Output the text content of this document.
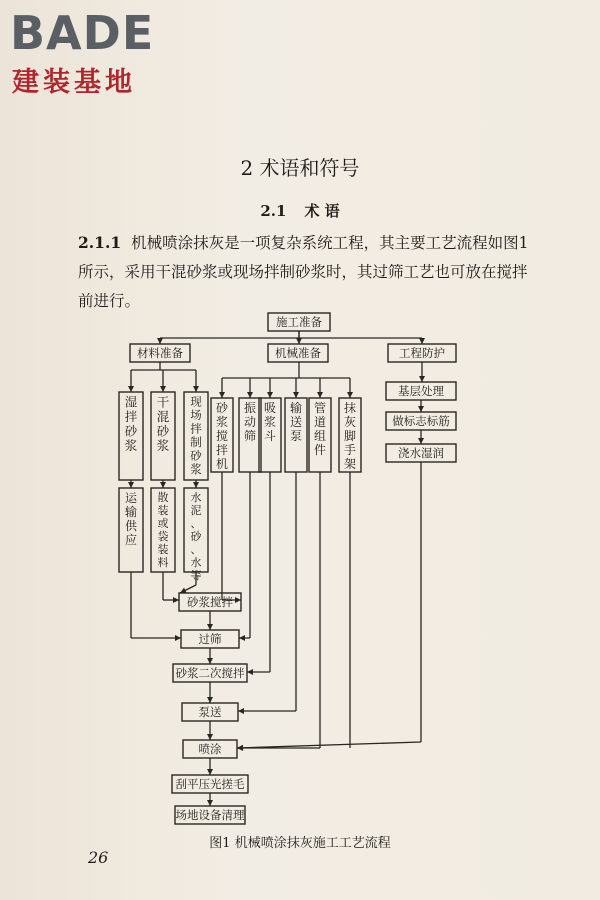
BADE
建装基地
2 术语和符号
2.1 术 语

2.1.1 机械喷涂抹灰是一项复杂系统工程，其主要工艺流程如图1所示，采用干混砂浆或现场拌制砂浆时，其过筛工艺也可放在搅拌前进行。

施工准备
材料准备	机械准备	工程防护
湿拌砂浆
运输供应
干混砂浆
散装或袋装料
现场拌制砂浆
水泥、砂、水等
砂浆搅拌机
振动筛
吸浆斗
输送泵
管道组件
抹灰脚手架
基层处理
做标志标筋
浇水湿润
砂浆搅拌
过筛
砂浆二次搅拌
泵送
喷涂
刮平压光搓毛
场地设备清理
图1 机械喷涂抹灰施工工艺流程
26
